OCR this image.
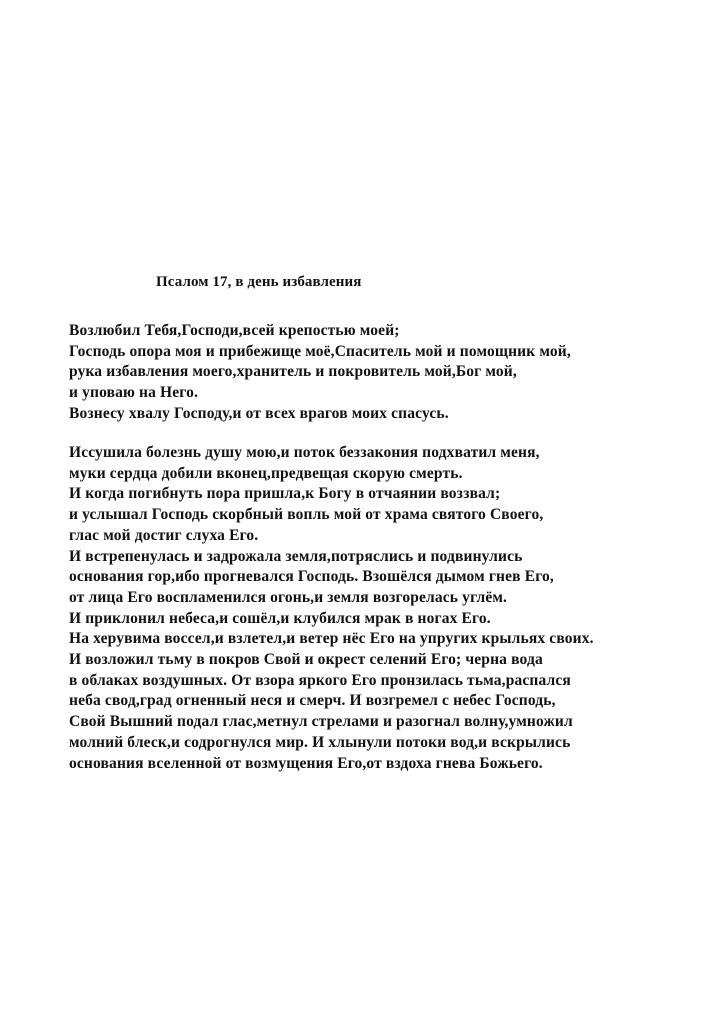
Псалом 17, в день избавления
Возлюбил Тебя,Господи,всей крепостью моей;
Господь опора моя и прибежище моё,Спаситель мой и помощник мой,
рука избавления моего,хранитель и покровитель мой,Бог мой,
и уповаю на Него.
Вознесу хвалу Господу,и от всех врагов моих спасусь.
Иссушила болезнь душу мою,и поток беззакония подхватил меня,
муки сердца добили вконец,предвещая скорую смерть.
И когда погибнуть пора пришла,к Богу в отчаянии воззвал;
и услышал Господь скорбный вопль мой от храма святого Своего,
глас мой достиг слуха Его.
И встрепенулась и задрожала земля,потряслись и подвинулись
основания гор,ибо прогневался Господь. Взошёлся дымом гнев Его,
от лица Его воспламенился огонь,и земля возгорелась углём.
И приклонил небеса,и сошёл,и клубился мрак в ногах Его.
На херувима воссел,и взлетел,и ветер нёс Его на упругих крыльях своих.
И возложил тьму в покров Свой и окрест селений Его; черна вода
в облаках воздушных. От взора яркого Его пронзилась тьма,распался
неба свод,град огненный неся и смерч. И возгремел с небес Господь,
Свой Вышний подал глас,метнул стрелами и разогнал волну,умножил
молний блеск,и содрогнулся мир. И хлынули потоки вод,и вскрылись
основания вселенной от возмущения Его,от вздоха гнева Божьего.
